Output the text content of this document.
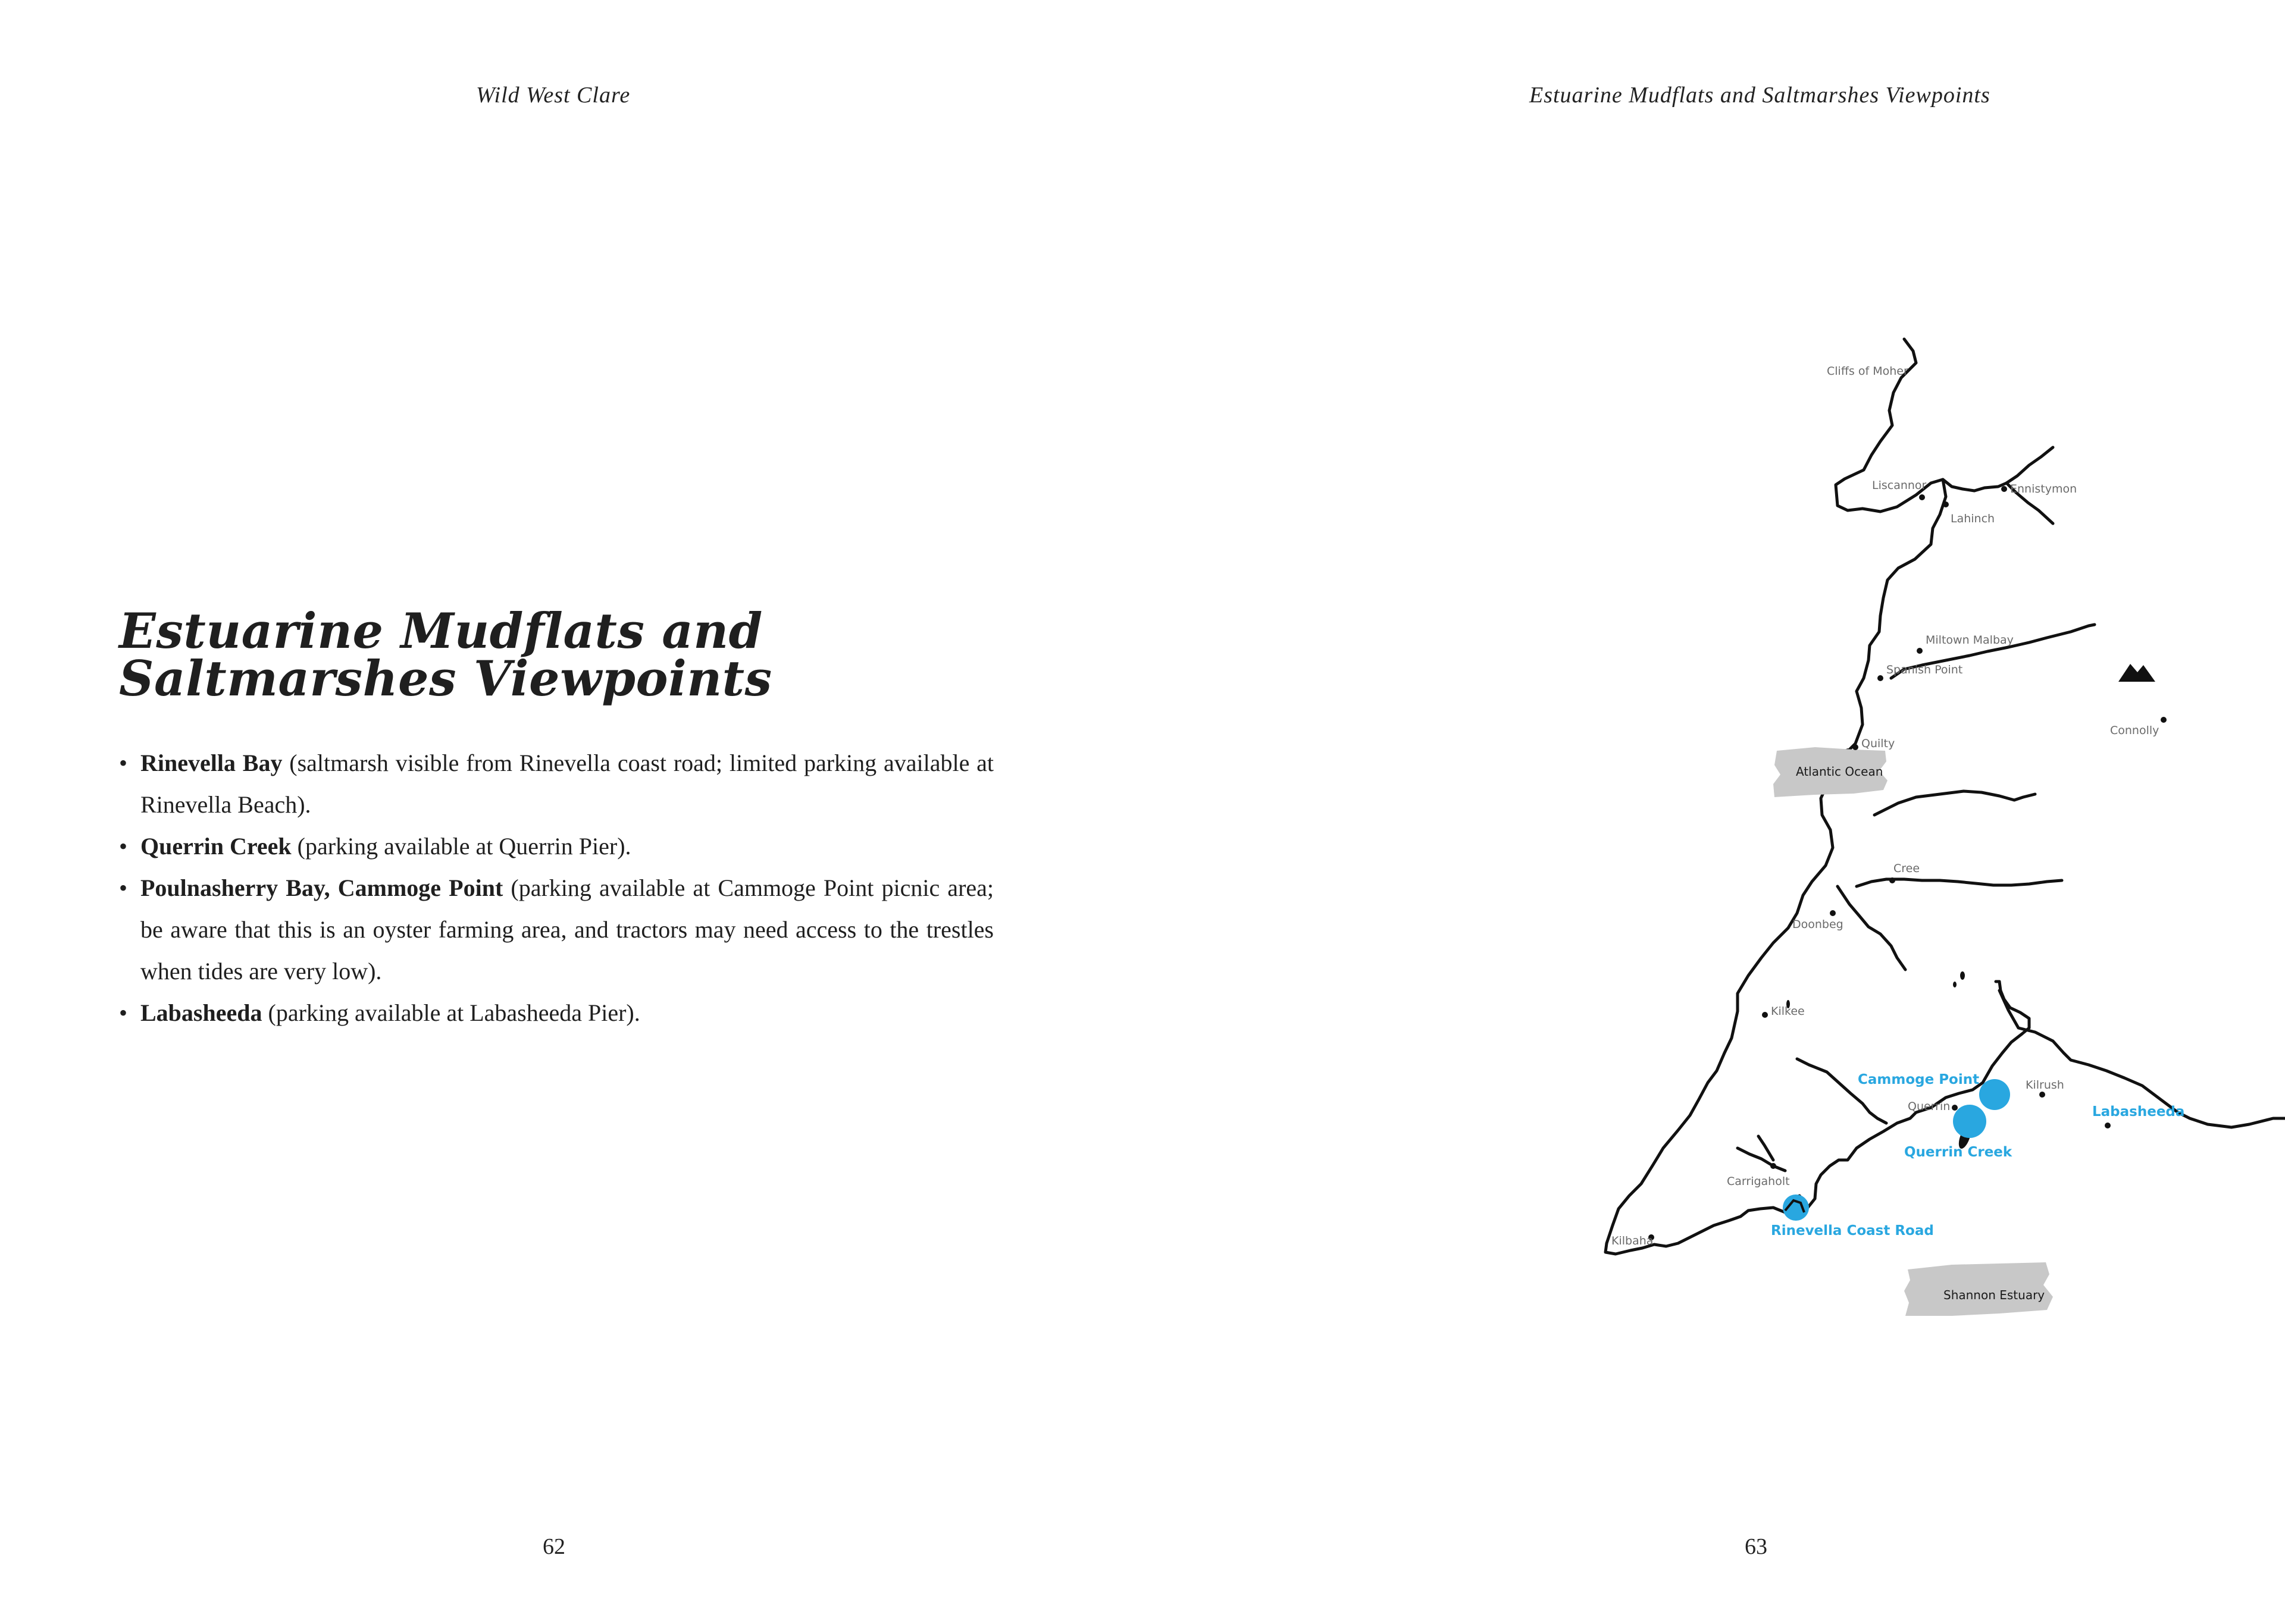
Wild West Clare
Estuarine Mudflats and Saltmarshes Viewpoints
• Rinevella Bay (saltmarsh visible from Rinevella coast road; limited parking available at Rinevella Beach).
• Querrin Creek (parking available at Querrin Pier).
• Poulnasherry Bay, Cammoge Point (parking available at Cammoge Point picnic area; be aware that this is an oyster farming area, and tractors may need access to the trestles when tides are very low).
• Labasheeda (parking available at Labasheeda Pier).
62
Estuarine Mudflats and Saltmarshes Viewpoints
Cliffs of Moher
Liscannor	Ennistymon
Lahinch
Miltown Malbay
Spanish Point
Connolly
Quilty
Cree
Doonbeg
Kilkee
Kilrush
Querrin
Carrigaholt
Kilbaha
Cammoge Point
Querrin Creek
Rinevella Coast Road
Labasheeda
Atlantic Ocean
Shannon Estuary
63
